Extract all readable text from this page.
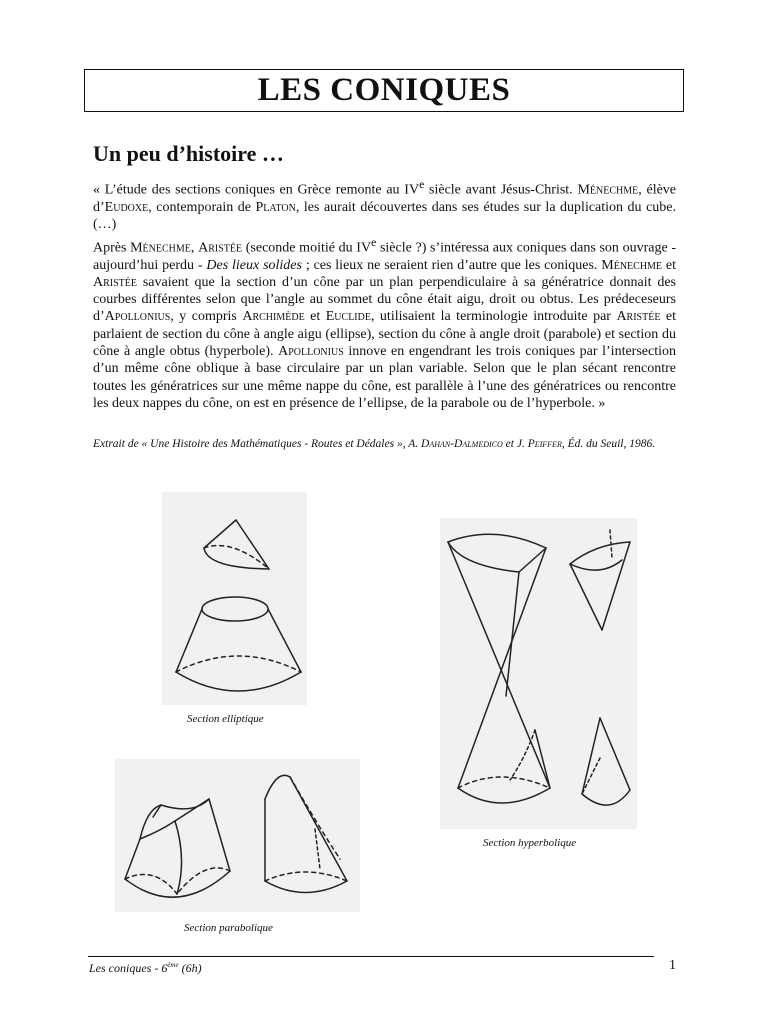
LES CONIQUES
Un peu d’histoire …

« L’étude des sections coniques en Grèce remonte au IVe siècle avant Jésus-Christ. Ménechme, élève d’Eudoxe, contemporain de Platon, les aurait découvertes dans ses études sur la duplication du cube. (…)

Après Ménechme, Aristée (seconde moitié du IVe siècle ?) s’intéressa aux coniques dans son ouvrage - aujourd’hui perdu - Des lieux solides ; ces lieux ne seraient rien d’autre que les coniques. Ménechme et Aristée savaient que la section d’un cône par un plan perpendiculaire à sa génératrice donnait des courbes différentes selon que l’angle au sommet du cône était aigu, droit ou obtus. Les prédeceseurs d’Apollonius, y compris Archimède et Euclide, utilisaient la terminologie introduite par Aristée et parlaient de section du cône à angle aigu (ellipse), section du cône à angle droit (parabole) et section du cône à angle obtus (hyperbole). Apollonius innove en engendrant les trois coniques par l’intersection d’un même cône oblique à base circulaire par un plan variable. Selon que le plan sécant rencontre toutes les génératrices sur une même nappe du cône, est parallèle à l’une des génératrices ou rencontre les deux nappes du cône, on est en présence de l’ellipse, de la parabole ou de l’hyperbole. »

Extrait de « Une Histoire des Mathématiques - Routes et Dédales », A. Dahan-Dalmedico et J. Peiffer, Éd. du Seuil, 1986.

Section elliptique

Section hyperbolique

Section parabolique

Les coniques - 6ème (6h)	1
